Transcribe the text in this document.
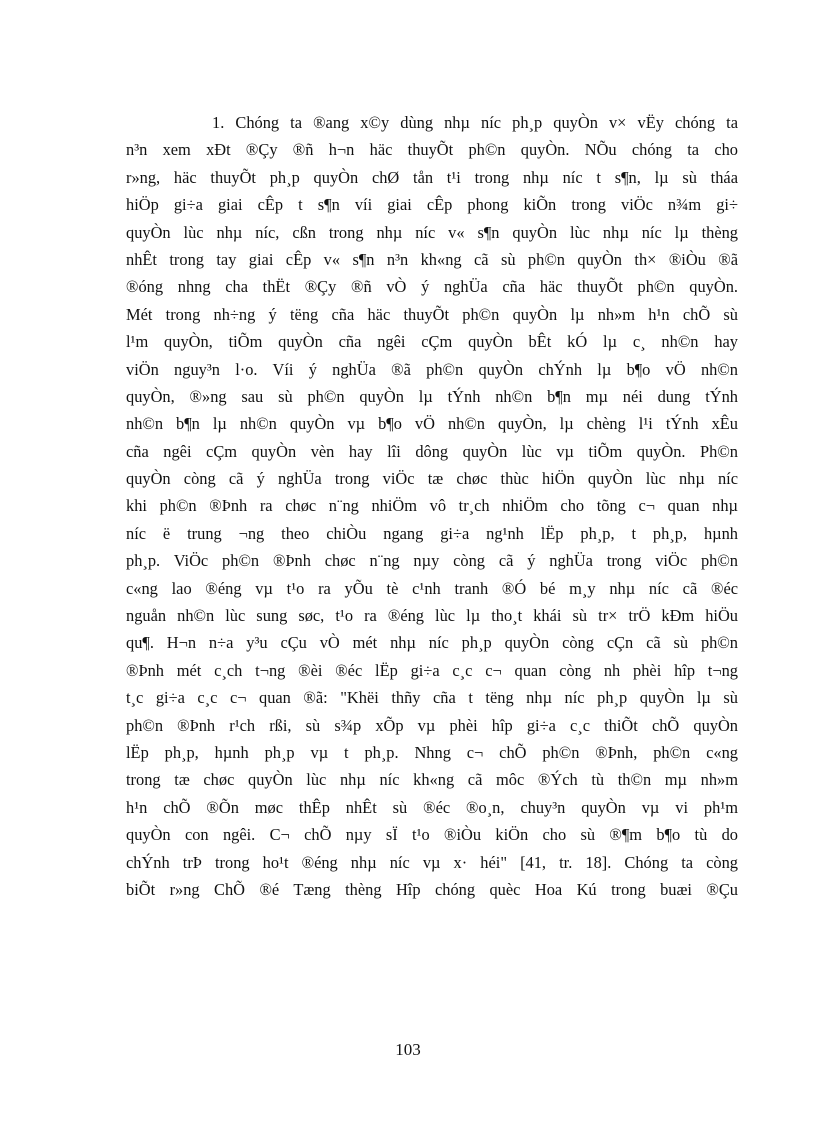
1. Chóng ta ®ang x©y dùng nhµ níc ph¸p quyÒn v× vËy chóng ta
n³n xem xÐt ®Çy ®ñ h¬n häc thuyÕt ph©n quyÒn. NÕu chóng ta cho
r»ng, häc thuyÕt ph¸p quyÒn chØ tån t¹i trong nhµ níc t s¶n, lµ sù tháa
hiÖp gi÷a giai cÊp t s¶n víi giai cÊp phong kiÕn trong viÖc n¾m gi÷
quyÒn lùc nhµ níc, cßn trong nhµ níc v« s¶n quyÒn lùc nhµ níc lµ thèng
nhÊt trong tay giai cÊp v« s¶n n³n kh«ng cã sù ph©n quyÒn th× ®iÒu ®ã
®óng nhng cha thËt ®Çy ®ñ vÒ ý nghÜa cña häc thuyÕt ph©n quyÒn.
Mét trong nh÷ng ý tëng cña häc thuyÕt ph©n quyÒn lµ nh»m h¹n chÕ sù
l¹m quyÒn, tiÕm quyÒn cña ngêi cÇm quyÒn bÊt kÓ lµ c¸ nh©n hay
viÖn nguy³n l·o. Víi ý nghÜa ®ã ph©n quyÒn chÝnh lµ b¶o vÖ nh©n
quyÒn, ®»ng sau sù ph©n quyÒn lµ tÝnh nh©n b¶n mµ néi dung tÝnh
nh©n b¶n lµ nh©n quyÒn vµ b¶o vÖ nh©n quyÒn, lµ chèng l¹i tÝnh xÊu
cña ngêi cÇm quyÒn vèn hay lîi dông quyÒn lùc vµ tiÕm quyÒn. Ph©n
quyÒn còng cã ý nghÜa trong viÖc tæ chøc thùc hiÖn quyÒn lùc nhµ níc
khi ph©n ®Þnh ra chøc n¨ng nhiÖm vô tr¸ch nhiÖm cho tõng c¬ quan nhµ
níc ë trung ¬ng theo chiÒu ngang gi÷a ng¹nh lËp ph¸p, t ph¸p, hµnh
ph¸p. ViÖc ph©n ®Þnh chøc n¨ng nµy còng cã ý nghÜa trong viÖc ph©n
c«ng lao ®éng vµ t¹o ra yÕu tè c¹nh tranh ®Ó bé m¸y nhµ níc cã ®éc
nguån nh©n lùc sung søc, t¹o ra ®éng lùc lµ tho¸t khái sù tr× trÖ kÐm hiÖu
qu¶. H¬n n÷a y³u cÇu vÒ mét nhµ níc ph¸p quyÒn còng cÇn cã sù ph©n
®Þnh mét c¸ch t¬ng ®èi ®éc lËp gi÷a c¸c c¬ quan còng nh phèi hîp t¬ng
t¸c gi÷a c¸c c¬ quan ®ã: "Khëi thñy cña t tëng nhµ níc ph¸p quyÒn lµ sù
ph©n ®Þnh r¹ch rßi, sù s¾p xÕp vµ phèi hîp gi÷a c¸c thiÕt chÕ quyÒn
lËp ph¸p, hµnh ph¸p vµ t ph¸p. Nhng c¬ chÕ ph©n ®Þnh, ph©n c«ng
trong tæ chøc quyÒn lùc nhµ níc kh«ng cã môc ®Ých tù th©n mµ nh»m
h¹n chÕ ®Õn møc thÊp nhÊt sù ®éc ®o¸n, chuy³n quyÒn vµ vi ph¹m
quyÒn con ngêi. C¬ chÕ nµy sÏ t¹o ®iÒu kiÖn cho sù ®¶m b¶o tù do
chÝnh trÞ trong ho¹t ®éng nhµ níc vµ x· héi" [41, tr. 18]. Chóng ta còng
biÕt r»ng ChÕ ®é Tæng thèng Hîp chóng quèc Hoa Kú trong buæi ®Çu
103
